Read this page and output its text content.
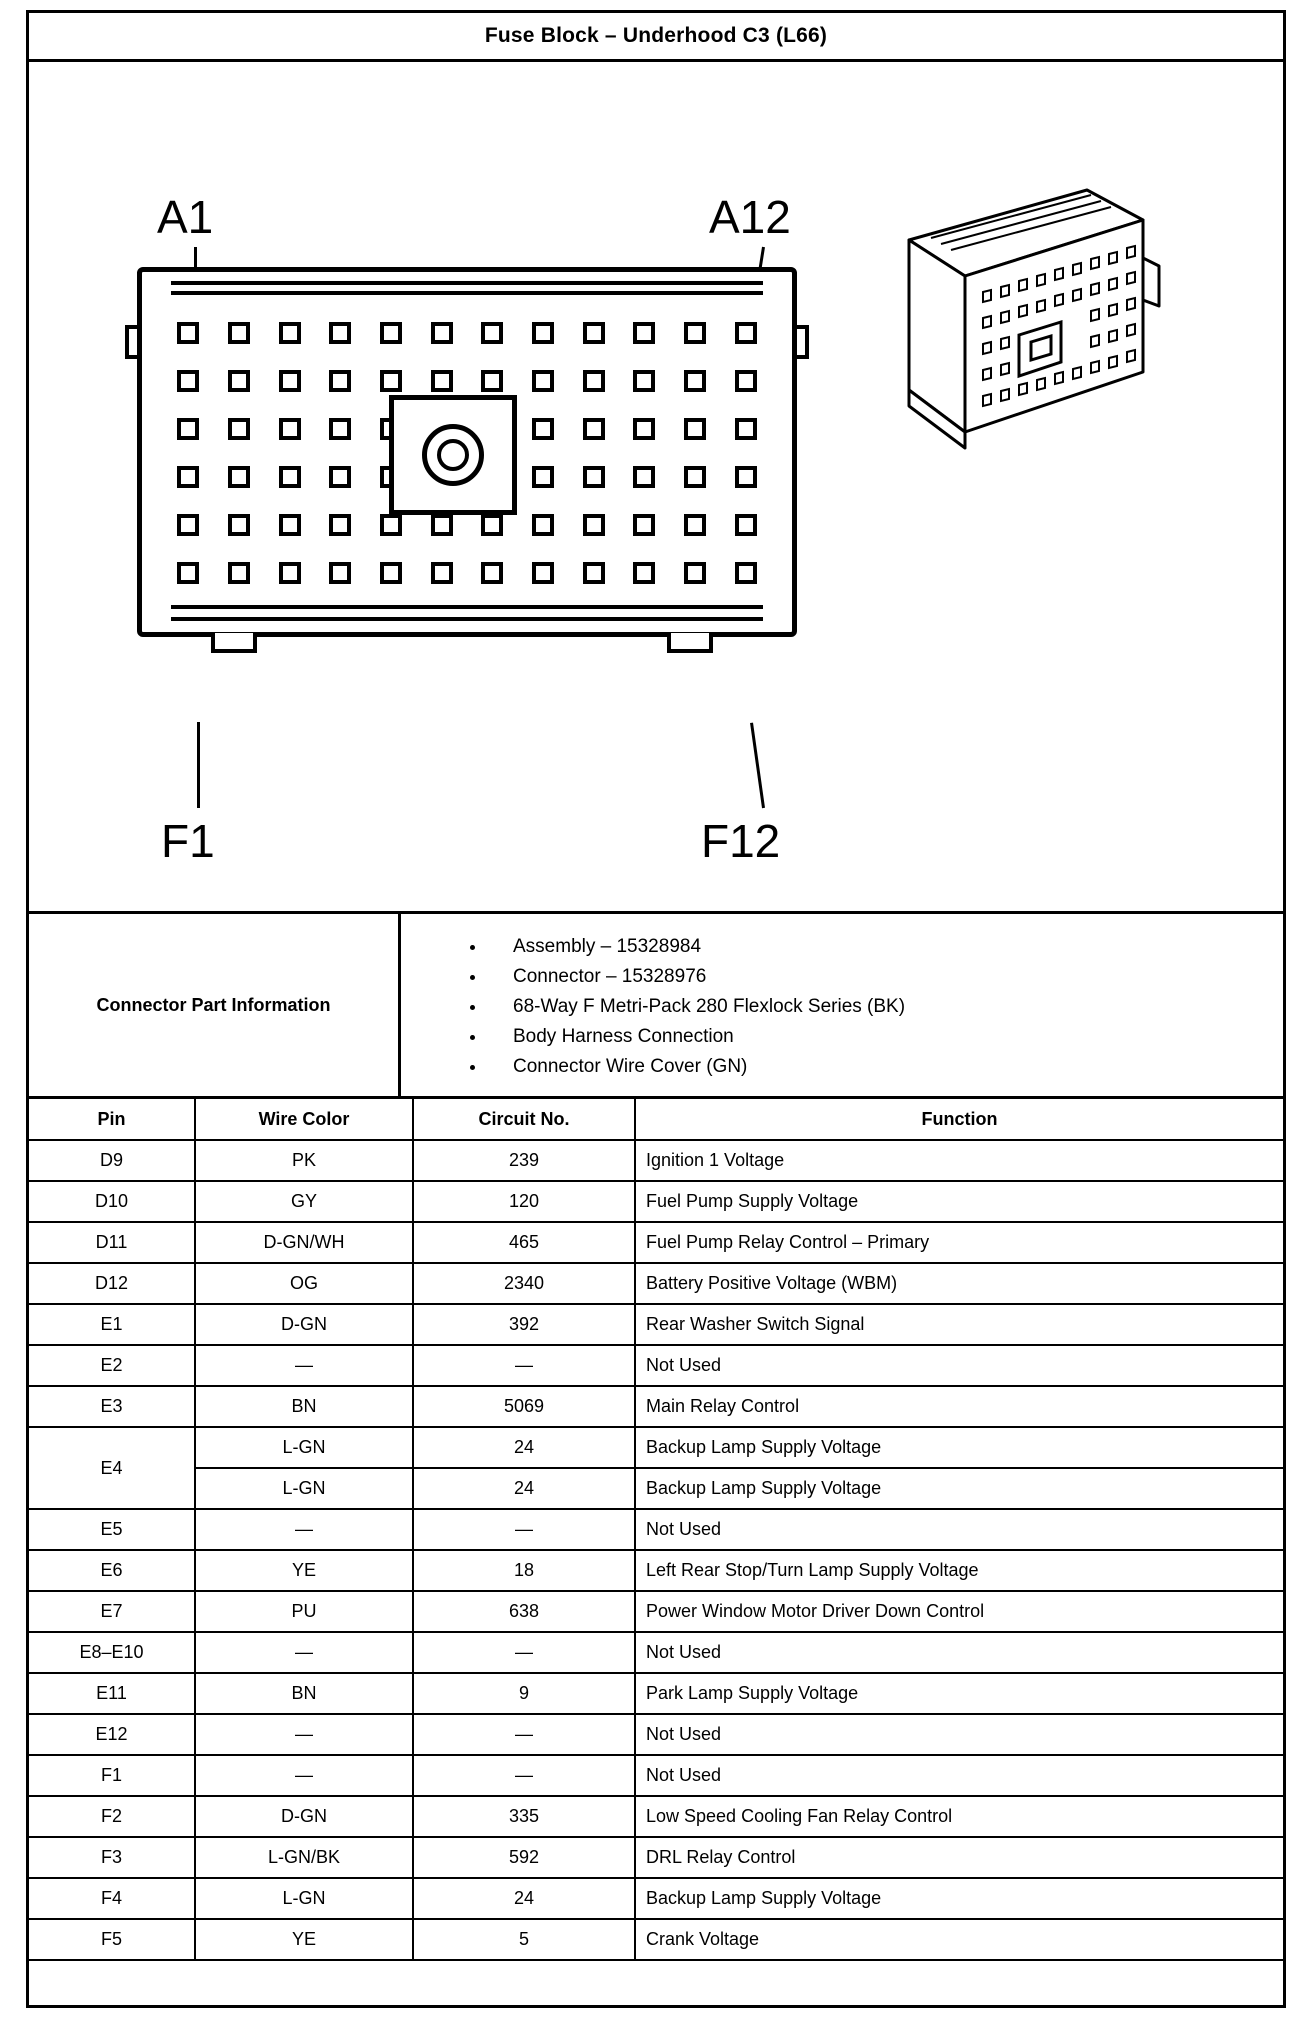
Fuse Block – Underhood C3 (L66)
A1	A12
F1	F12
Connector Part Information
• Assembly – 15328984
• Connector – 15328976
• 68-Way F Metri-Pack 280 Flexlock Series (BK)
• Body Harness Connection
• Connector Wire Cover (GN)
Pin	Wire Color	Circuit No.	Function
D9	PK	239	Ignition 1 Voltage
D10	GY	120	Fuel Pump Supply Voltage
D11	D-GN/WH	465	Fuel Pump Relay Control – Primary
D12	OG	2340	Battery Positive Voltage (WBM)
E1	D-GN	392	Rear Washer Switch Signal
E2	—	—	Not Used
E3	BN	5069	Main Relay Control
E4	L-GN	24	Backup Lamp Supply Voltage
	L-GN	24	Backup Lamp Supply Voltage
E5	—	—	Not Used
E6	YE	18	Left Rear Stop/Turn Lamp Supply Voltage
E7	PU	638	Power Window Motor Driver Down Control
E8–E10	—	—	Not Used
E11	BN	9	Park Lamp Supply Voltage
E12	—	—	Not Used
F1	—	—	Not Used
F2	D-GN	335	Low Speed Cooling Fan Relay Control
F3	L-GN/BK	592	DRL Relay Control
F4	L-GN	24	Backup Lamp Supply Voltage
F5	YE	5	Crank Voltage
